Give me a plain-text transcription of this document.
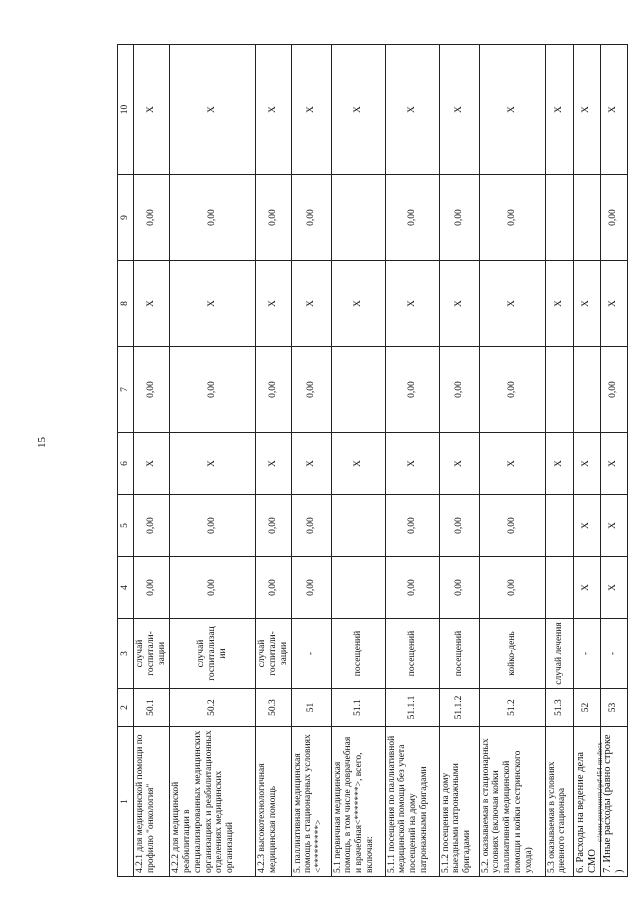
15
c:\мои документы\pd\454-пп.docx
1	2	3	4	5	6	7	8	9	10
4.2.1 для медицинской помощи по профилю "онкология"	50.1	случай госпитали-зации	0,00	0,00	X	0,00	X	0,00	X
4.2.2 для медицинской реабилитации в специализированных медицинских организациях и реабилитационных отделениях медицинских организаций	50.2	случай госпитализац ии	0,00	0,00	X	0,00	X	0,00	X
4.2.3 высокотехнологичная медицинская помощь	50.3	случай госпитали-зации	0,00	0,00	X	0,00	X	0,00	X
5. паллиативная медицинская помощь в стационарных условиях <*********>	51	-	0,00	0,00	X	0,00	X	0,00	X
5.1 первичная медицинская помощь, в том числе доврачебная и врачебная<*******>, всего, включая:	51.1	посещений			X		X		X
5.1.1 посещения по паллиативной медицинской помощи без учета посещений на дому патронажными бригадами	51.1.1	посещений	0,00	0,00	X	0,00	X	0,00	X
5.1.2 посещения на дому выездными патронажными бригадами	51.1.2	посещений	0,00	0,00	X	0,00	X	0,00	X
5.2. оказываемая в стационарных условиях (включая койки паллиативной медицинской помощи и койки сестринского ухода)	51.2	койко-день	0,00	0,00	X	0,00	X	0,00	X
5.3 оказываемая в условиях дневного стационара	51.3	случай лечения			X		X		X
6. Расходы на ведение дела СМО	52	-	X	X	X		X		X
7. Иные расходы (равно строке )	53	-	X	X	X	0,00	X	0,00	X
